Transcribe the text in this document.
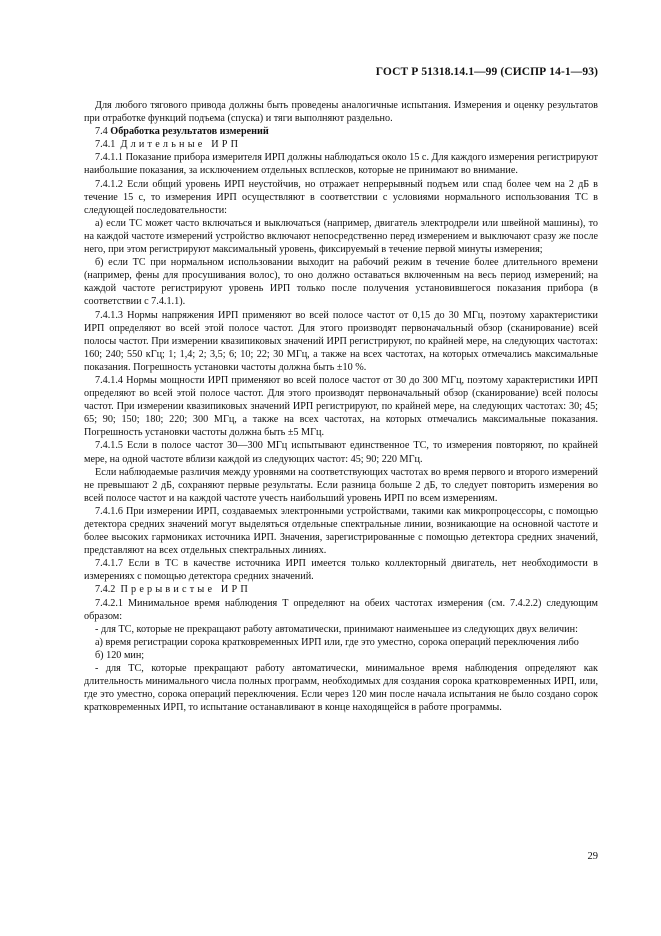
ГОСТ Р 51318.14.1—99 (СИСПР 14-1—93)

Для любого тягового привода должны быть проведены аналогичные испытания. Измерения и оценку результатов при отработке функций подъема (спуска) и тяги выполняют раздельно.

7.4 Обработка результатов измерений

7.4.1 Длительные ИРП

7.4.1.1 Показание прибора измерителя ИРП должны наблюдаться около 15 с. Для каждого измерения регистрируют наибольшие показания, за исключением отдельных всплесков, которые не принимают во внимание.

7.4.1.2 Если общий уровень ИРП неустойчив, но отражает непрерывный подъем или спад более чем на 2 дБ в течение 15 с, то измерения ИРП осуществляют в соответствии с условиями нормального использования ТС в следующей последовательности:

а) если ТС может часто включаться и выключаться (например, двигатель электродрели или швейной машины), то на каждой частоте измерений устройство включают непосредственно перед измерением и выключают сразу же после него, при этом регистрируют максимальный уровень, фиксируемый в течение первой минуты измерения;

б) если ТС при нормальном использовании выходит на рабочий режим в течение более длительного времени (например, фены для просушивания волос), то оно должно оставаться включенным на весь период измерений; на каждой частоте регистрируют уровень ИРП только после получения установившегося показания прибора (в соответствии с 7.4.1.1).

7.4.1.3 Нормы напряжения ИРП применяют во всей полосе частот от 0,15 до 30 МГц, поэтому характеристики ИРП определяют во всей этой полосе частот. Для этого производят первоначальный обзор (сканирование) всей полосы частот. При измерении квазипиковых значений ИРП регистрируют, по крайней мере, на следующих частотах: 160; 240; 550 кГц; 1; 1,4; 2; 3,5; 6; 10; 22; 30 МГц, а также на всех частотах, на которых отмечались максимальные показания. Погрешность установки частоты должна быть ±10 %.

7.4.1.4 Нормы мощности ИРП применяют во всей полосе частот от 30 до 300 МГц, поэтому характеристики ИРП определяют во всей этой полосе частот. Для этого производят первоначальный обзор (сканирование) всей полосы частот. При измерении квазипиковых значений ИРП регистрируют, по крайней мере, на следующих частотах: 30; 45; 65; 90; 150; 180; 220; 300 МГц, а также на всех частотах, на которых отмечались максимальные показания. Погрешность установки частоты должна быть ±5 МГц.

7.4.1.5 Если в полосе частот 30—300 МГц испытывают единственное ТС, то измерения повторяют, по крайней мере, на одной частоте вблизи каждой из следующих частот: 45; 90; 220 МГц.

Если наблюдаемые различия между уровнями на соответствующих частотах во время первого и второго измерений не превышают 2 дБ, сохраняют первые результаты. Если разница больше 2 дБ, то следует повторить измерения во всей полосе частот и на каждой частоте учесть наибольший уровень ИРП по всем измерениям.

7.4.1.6 При измерении ИРП, создаваемых электронными устройствами, такими как микропроцессоры, с помощью детектора средних значений могут выделяться отдельные спектральные линии, возникающие на основной частоте и более высоких гармониках источника ИРП. Значения, зарегистрированные с помощью детектора средних значений, представляют на всех отдельных спектральных линиях.

7.4.1.7 Если в ТС в качестве источника ИРП имеется только коллекторный двигатель, нет необходимости в измерениях с помощью детектора средних значений.

7.4.2 Прерывистые ИРП

7.4.2.1 Минимальное время наблюдения Т определяют на обеих частотах измерения (см. 7.4.2.2) следующим образом:

- для ТС, которые не прекращают работу автоматически, принимают наименьшее из следующих двух величин:

а) время регистрации сорока кратковременных ИРП или, где это уместно, сорока операций переключения либо

б) 120 мин;

- для ТС, которые прекращают работу автоматически, минимальное время наблюдения определяют как длительность минимального числа полных программ, необходимых для создания сорока кратковременных ИРП, или, где это уместно, сорока операций переключения. Если через 120 мин после начала испытания не было создано сорок кратковременных ИРП, то испытание останавливают в конце находящейся в работе программы.

29
